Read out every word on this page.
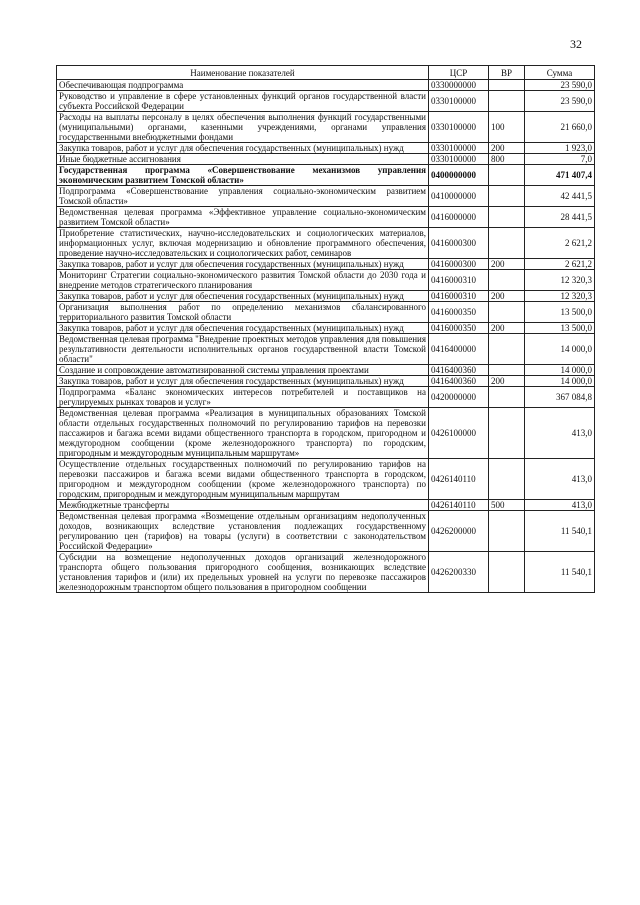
32
Наименование показателей	ЦСР	ВР	Сумма
Обеспечивающая подпрограмма	0330000000		23 590,0
Руководство и управление в сфере установленных функций органов государственной власти субъекта Российской Федерации	0330100000		23 590,0
Расходы на выплаты персоналу в целях обеспечения выполнения функций государственными (муниципальными) органами, казенными учреждениями, органами управления государственными внебюджетными фондами	0330100000	100	21 660,0
Закупка товаров, работ и услуг для обеспечения государственных (муниципальных) нужд	0330100000	200	1 923,0
Иные бюджетные ассигнования	0330100000	800	7,0
Государственная программа «Совершенствование механизмов управления экономическим развитием Томской области»	0400000000		471 407,4
Подпрограмма «Совершенствование управления социально-экономическим развитием Томской области»	0410000000		42 441,5
Ведомственная целевая программа «Эффективное управление социально-экономическим развитием Томской области»	0416000000		28 441,5
Приобретение статистических, научно-исследовательских и социологических материалов, информационных услуг, включая модернизацию и обновление программного обеспечения, проведение научно-исследовательских и социологических работ, семинаров	0416000300		2 621,2
Закупка товаров, работ и услуг для обеспечения государственных (муниципальных) нужд	0416000300	200	2 621,2
Мониторинг Стратегии социально-экономического развития Томской области до 2030 года и внедрение методов стратегического планирования	0416000310		12 320,3
Закупка товаров, работ и услуг для обеспечения государственных (муниципальных) нужд	0416000310	200	12 320,3
Организация выполнения работ по определению механизмов сбалансированного территориального развития Томской области	0416000350		13 500,0
Закупка товаров, работ и услуг для обеспечения государственных (муниципальных) нужд	0416000350	200	13 500,0
Ведомственная целевая программа "Внедрение проектных методов управления для повышения результативности деятельности исполнительных органов государственной власти Томской области"	0416400000		14 000,0
Создание и сопровождение автоматизированной системы управления проектами	0416400360		14 000,0
Закупка товаров, работ и услуг для обеспечения государственных (муниципальных) нужд	0416400360	200	14 000,0
Подпрограмма «Баланс экономических интересов потребителей и поставщиков на регулируемых рынках товаров и услуг»	0420000000		367 084,8
Ведомственная целевая программа «Реализация в муниципальных образованиях Томской области отдельных государственных полномочий по регулированию тарифов на перевозки пассажиров и багажа всеми видами общественного транспорта в городском, пригородном и междугородном сообщении (кроме железнодорожного транспорта) по городским, пригородным и междугородным муниципальным маршрутам»	0426100000		413,0
Осуществление отдельных государственных полномочий по регулированию тарифов на перевозки пассажиров и багажа всеми видами общественного транспорта в городском, пригородном и междугородном сообщении (кроме железнодорожного транспорта) по городским, пригородным и междугородным муниципальным маршрутам	0426140110		413,0
Межбюджетные трансферты	0426140110	500	413,0
Ведомственная целевая программа «Возмещение отдельным организациям недополученных доходов, возникающих вследствие установления подлежащих государственному регулированию цен (тарифов) на товары (услуги) в соответствии с законодательством Российской Федерации»	0426200000		11 540,1
Субсидии на возмещение недополученных доходов организаций железнодорожного транспорта общего пользования пригородного сообщения, возникающих вследствие установления тарифов и (или) их предельных уровней на услуги по перевозке пассажиров железнодорожным транспортом общего пользования в пригородном сообщении	0426200330		11 540,1
